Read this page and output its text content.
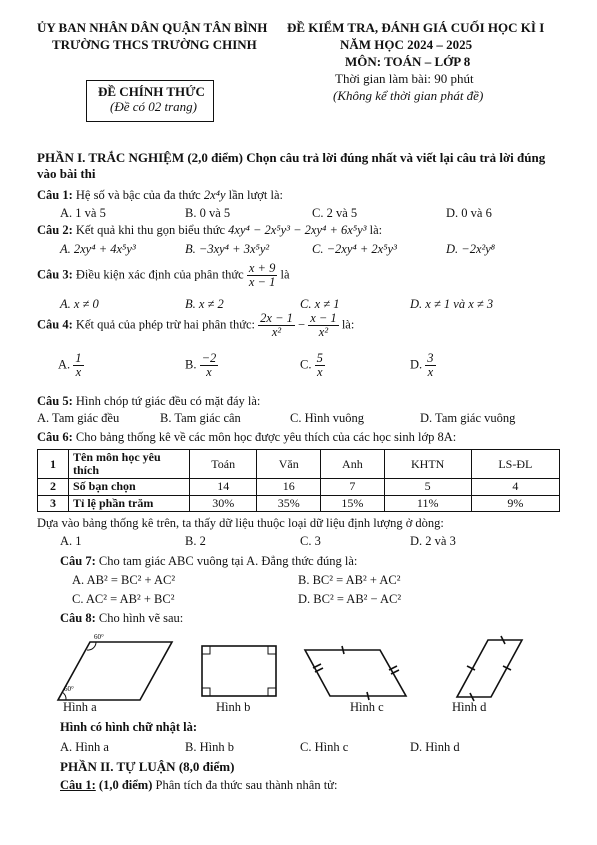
ỦY BAN NHÂN DÂN QUẬN TÂN BÌNH
TRƯỜNG THCS TRƯỜNG CHINH
ĐỀ CHÍNH THỨC
(Đề có 02 trang)
ĐỀ KIỂM TRA, ĐÁNH GIÁ CUỐI HỌC KÌ I
NĂM HỌC 2024 – 2025
MÔN: TOÁN – LỚP 8
Thời gian làm bài: 90 phút
(Không kể thời gian phát đề)
PHẦN I. TRẮC NGHIỆM (2,0 điểm) Chọn câu trả lời đúng nhất và viết lại câu trả lời đúng
vào bài thi
Câu 1: Hệ số và bậc của đa thức 2x⁴y lần lượt là:
A. 1 và 5	B. 0 và 5	C. 2 và 5	D. 0 và 6
Câu 2: Kết quả khi thu gọn biểu thức 4xy⁴ − 2x⁵y³ − 2xy⁴ + 6x⁵y³ là:
A. 2xy⁴ + 4x⁵y³	B. −3xy⁴ + 3x⁵y²	C. −2xy⁴ + 2x⁵y³	D. −2x²y⁸
Câu 3: Điều kiện xác định của phân thức $\frac{x + 9}{x - 1}$ là
A. x ≠ 0	B. x ≠ 2	C. x ≠ 1	D. x ≠ 1 và x ≠ 3
Câu 4: Kết quả của phép trừ hai phân thức: $\frac{2x - 1}{\text{x²}} - \frac{x - 1}{\text{x²}}$ là:
A. $\frac{1}{x}$	B. $\frac{-2}{x}$	C. $\frac{5}{x}$	D. $\frac{3}{x}$
Câu 5: Hình chóp tứ giác đều có mặt đáy là:
A. Tam giác đều	B. Tam giác cân	C. Hình vuông	D. Tam giác vuông
Câu 6: Cho bảng thống kê về các môn học được yêu thích của các học sinh lớp 8A:
1	Tên môn học yêu thích	Toán	Văn	Anh	KHTN	LS-ĐL
2	Số bạn chọn	14	16	7	5	4
3	Tỉ lệ phần trăm	30%	35%	15%	11%	9%
Dựa vào bảng thống kê trên, ta thấy dữ liệu thuộc loại dữ liệu định lượng ở dòng:
A. 1	B. 2	C. 3	D. 2 và 3
Câu 7: Cho tam giác ABC vuông tại A. Đẳng thức đúng là:
A. AB² = BC² + AC²	B. BC² = AB² + AC²
C. AC² = AB² + BC²	D. BC² = AB² − AC²
Câu 8: Cho hình vẽ sau:
60°
60°
Hình a	Hình b	Hình c	Hình d
Hình có hình chữ nhật là:
A. Hình a	B. Hình b	C. Hình c	D. Hình d
PHẦN II. TỰ LUẬN (8,0 điểm)
Câu 1: (1,0 điểm) Phân tích đa thức sau thành nhân tử:
